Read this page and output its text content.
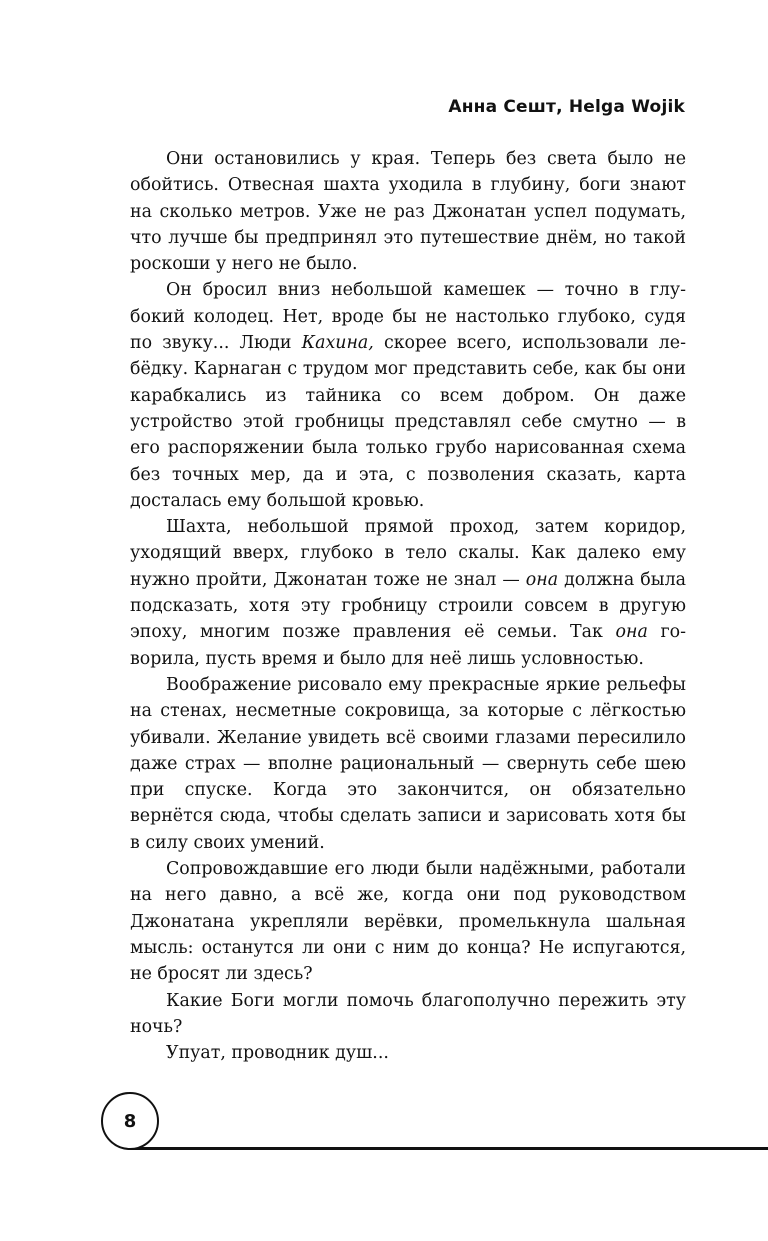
Анна Сешт, Helga Wojik

Они остановились у края. Теперь без света было не обойтись. Отвесная шахта уходила в глубину, боги знают на сколько метров. Уже не раз Джонатан успел подумать, что лучше бы предпринял это путешествие днём, но такой роскоши у него не было.

Он бросил вниз небольшой камешек — точно в глубокий колодец. Нет, вроде бы не настолько глубоко, судя по звуку... Люди Кахина, скорее всего, использовали лебёдку. Карнаган с трудом мог представить себе, как бы они карабкались из тайника со всем добром. Он даже устройство этой гробницы представлял себе смутно — в его распоряжении была только грубо нарисованная схема без точных мер, да и эта, с позволения сказать, карта досталась ему большой кровью.

Шахта, небольшой прямой проход, затем коридор, уходящий вверх, глубоко в тело скалы. Как далеко ему нужно пройти, Джонатан тоже не знал — она должна была подсказать, хотя эту гробницу строили совсем в другую эпоху, многим позже правления её семьи. Так она говорила, пусть время и было для неё лишь условностью.

Воображение рисовало ему прекрасные яркие рельефы на стенах, несметные сокровища, за которые с лёгкостью убивали. Желание увидеть всё своими глазами пересилило даже страх — вполне рациональный — свернуть себе шею при спуске. Когда это закончится, он обязательно вернётся сюда, чтобы сделать записи и зарисовать хотя бы в силу своих умений.

Сопровождавшие его люди были надёжными, работали на него давно, а всё же, когда они под руководством Джонатана укрепляли верёвки, промелькнула шальная мысль: останутся ли они с ним до конца? Не испугаются, не бросят ли здесь?

Какие Боги могли помочь благополучно пережить эту ночь?

Упуат, проводник душ...

8
